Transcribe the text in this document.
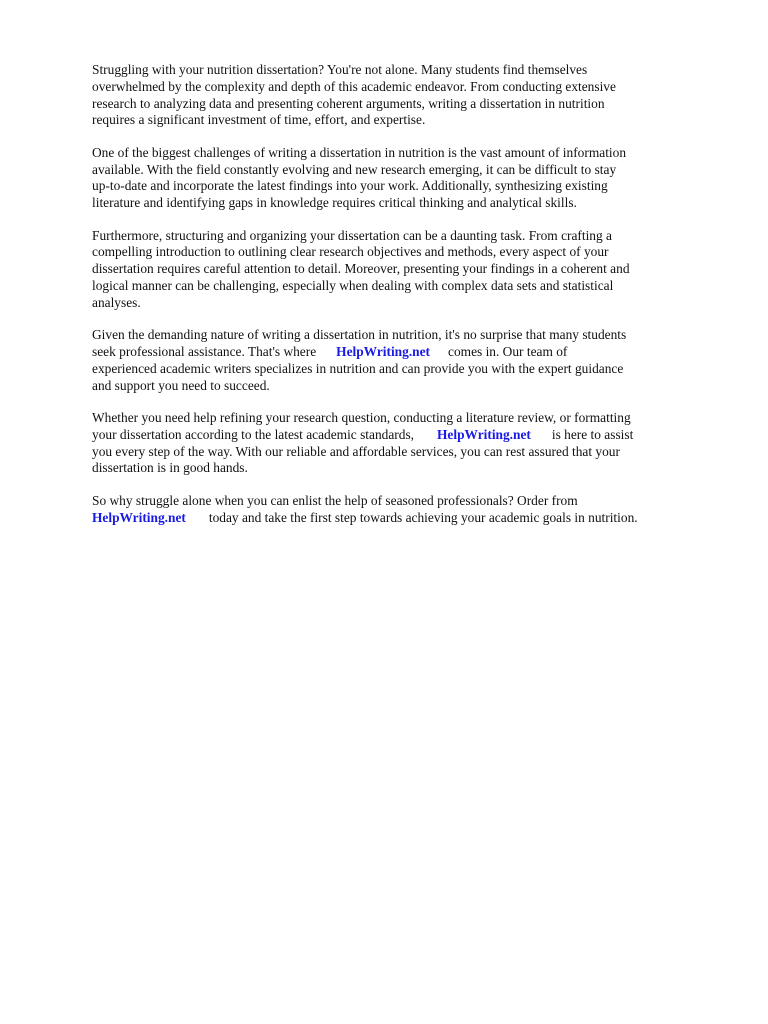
Struggling with your nutrition dissertation? You're not alone. Many students find themselves
overwhelmed by the complexity and depth of this academic endeavor. From conducting extensive
research to analyzing data and presenting coherent arguments, writing a dissertation in nutrition
requires a significant investment of time, effort, and expertise.
One of the biggest challenges of writing a dissertation in nutrition is the vast amount of information
available. With the field constantly evolving and new research emerging, it can be difficult to stay
up-to-date and incorporate the latest findings into your work. Additionally, synthesizing existing
literature and identifying gaps in knowledge requires critical thinking and analytical skills.
Furthermore, structuring and organizing your dissertation can be a daunting task. From crafting a
compelling introduction to outlining clear research objectives and methods, every aspect of your
dissertation requires careful attention to detail. Moreover, presenting your findings in a coherent and
logical manner can be challenging, especially when dealing with complex data sets and statistical
analyses.
Given the demanding nature of writing a dissertation in nutrition, it's no surprise that many students
seek professional assistance. That's where HelpWriting.net comes in. Our team of
experienced academic writers specializes in nutrition and can provide you with the expert guidance
and support you need to succeed.
Whether you need help refining your research question, conducting a literature review, or formatting
your dissertation according to the latest academic standards, HelpWriting.net is here to assist
you every step of the way. With our reliable and affordable services, you can rest assured that your
dissertation is in good hands.
So why struggle alone when you can enlist the help of seasoned professionals? Order from
HelpWriting.net today and take the first step towards achieving your academic goals in nutrition.
